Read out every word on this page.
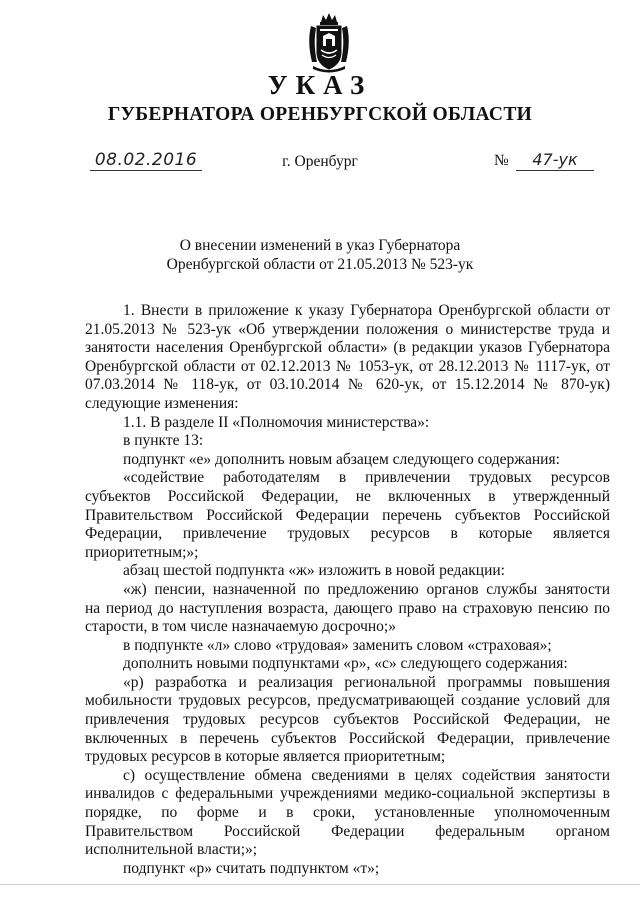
УКАЗ
ГУБЕРНАТОРА ОРЕНБУРГСКОЙ ОБЛАСТИ
08.02.2016	г. Оренбург	№ 47-ук
О внесении изменений в указ Губернатора
Оренбургской области от 21.05.2013 № 523-ук

1. Внести в приложение к указу Губернатора Оренбургской области от
21.05.2013 № 523-ук «Об утверждении положения о министерстве труда и
занятости населения Оренбургской области» (в редакции указов Губернатора
Оренбургской области от 02.12.2013 № 1053-ук, от 28.12.2013 № 1117-ук, от
07.03.2014 № 118-ук, от 03.10.2014 № 620-ук, от 15.12.2014 № 870-ук)
следующие изменения:

1.1. В разделе II «Полномочия министерства»:

в пункте 13:

подпункт «е» дополнить новым абзацем следующего содержания:

«содействие работодателям в привлечении трудовых ресурсов
субъектов Российской Федерации, не включенных в утвержденный
Правительством Российской Федерации перечень субъектов Российской
Федерации, привлечение трудовых ресурсов в которые является
приоритетным;»;

абзац шестой подпункта «ж» изложить в новой редакции:

«ж) пенсии, назначенной по предложению органов службы занятости
на период до наступления возраста, дающего право на страховую пенсию по
старости, в том числе назначаемую досрочно;»

в подпункте «л» слово «трудовая» заменить словом «страховая»;

дополнить новыми подпунктами «р», «с» следующего содержания:

«р) разработка и реализация региональной программы повышения
мобильности трудовых ресурсов, предусматривающей создание условий для
привлечения трудовых ресурсов субъектов Российской Федерации, не
включенных в перечень субъектов Российской Федерации, привлечение
трудовых ресурсов в которые является приоритетным;

с) осуществление обмена сведениями в целях содействия занятости
инвалидов с федеральными учреждениями медико-социальной экспертизы в
порядке, по форме и в сроки, установленные уполномоченным
Правительством Российской Федерации федеральным органом
исполнительной власти;»;

подпункт «р» считать подпунктом «т»;
